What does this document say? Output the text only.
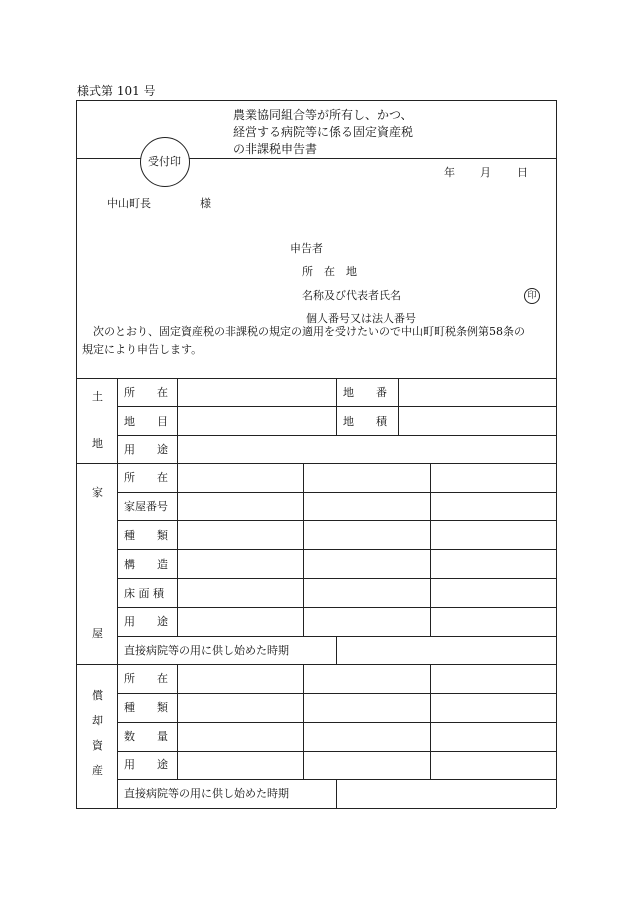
様式第 101 号
農業協同組合等が所有し、かつ、
経営する病院等に係る固定資産税
の非課税申告書
受付印
年 月 日
中山町長	様
申告者
所　在　地
名称及び代表者氏名	印
個人番号又は法人番号
次のとおり、固定資産税の非課税の規定の適用を受けたいので中山町町税条例第58条の
規定により申告します。
土
地
所　　在	地　　番
地　　目	地　　積
用　　途
家
屋
所　　在
家屋番号
種　　類
構　　造
床 面 積
用　　途
直接病院等の用に供し始めた時期
償
却
資
産
所　　在
種　　類
数　　量
用　　途
直接病院等の用に供し始めた時期
